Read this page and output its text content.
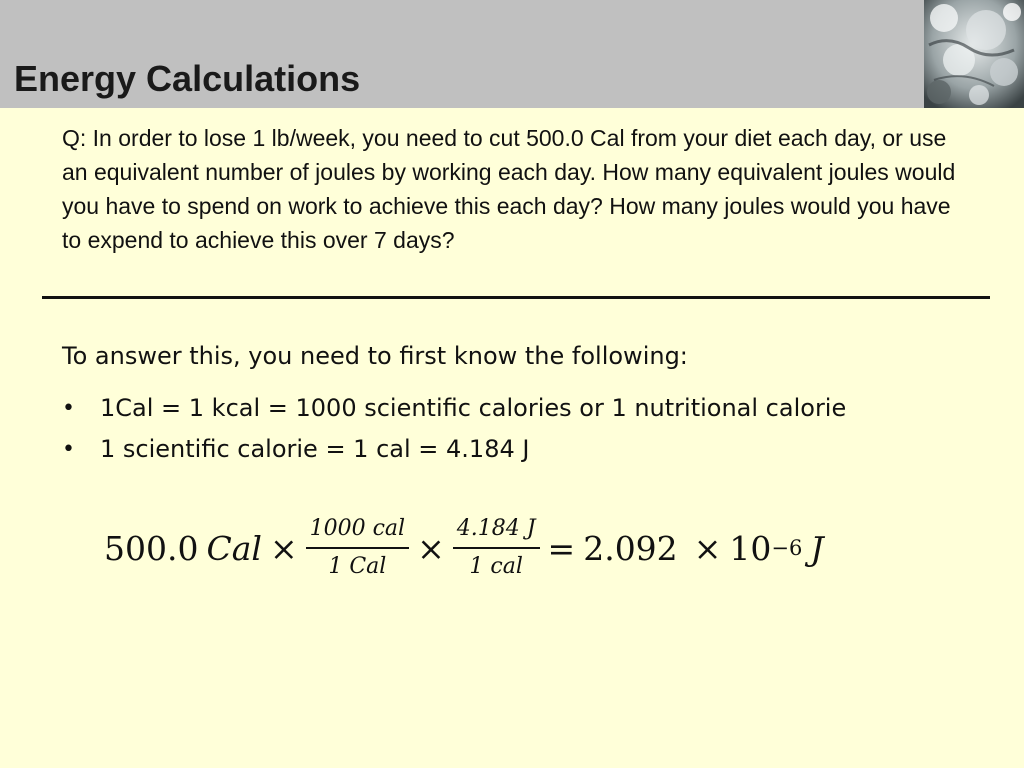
Energy Calculations
Q: In order to lose 1 lb/week, you need to cut 500.0 Cal from your diet each day, or use an equivalent number of joules by working each day. How many equivalent joules would you have to spend on work to achieve this each day? How many joules would you have to expend to achieve this over 7 days?
To answer this, you need to first know the following:
• 1Cal = 1 kcal = 1000 scientific calories or 1 nutritional calorie
• 1 scientific calorie = 1 cal = 4.184 J
500.0 Cal × $\frac{\text{1000 cal}}{\text{1 Cal}} \times \frac{4.184 J}{\text{1 cal}} = 2.092 \times 10 -6$ J
